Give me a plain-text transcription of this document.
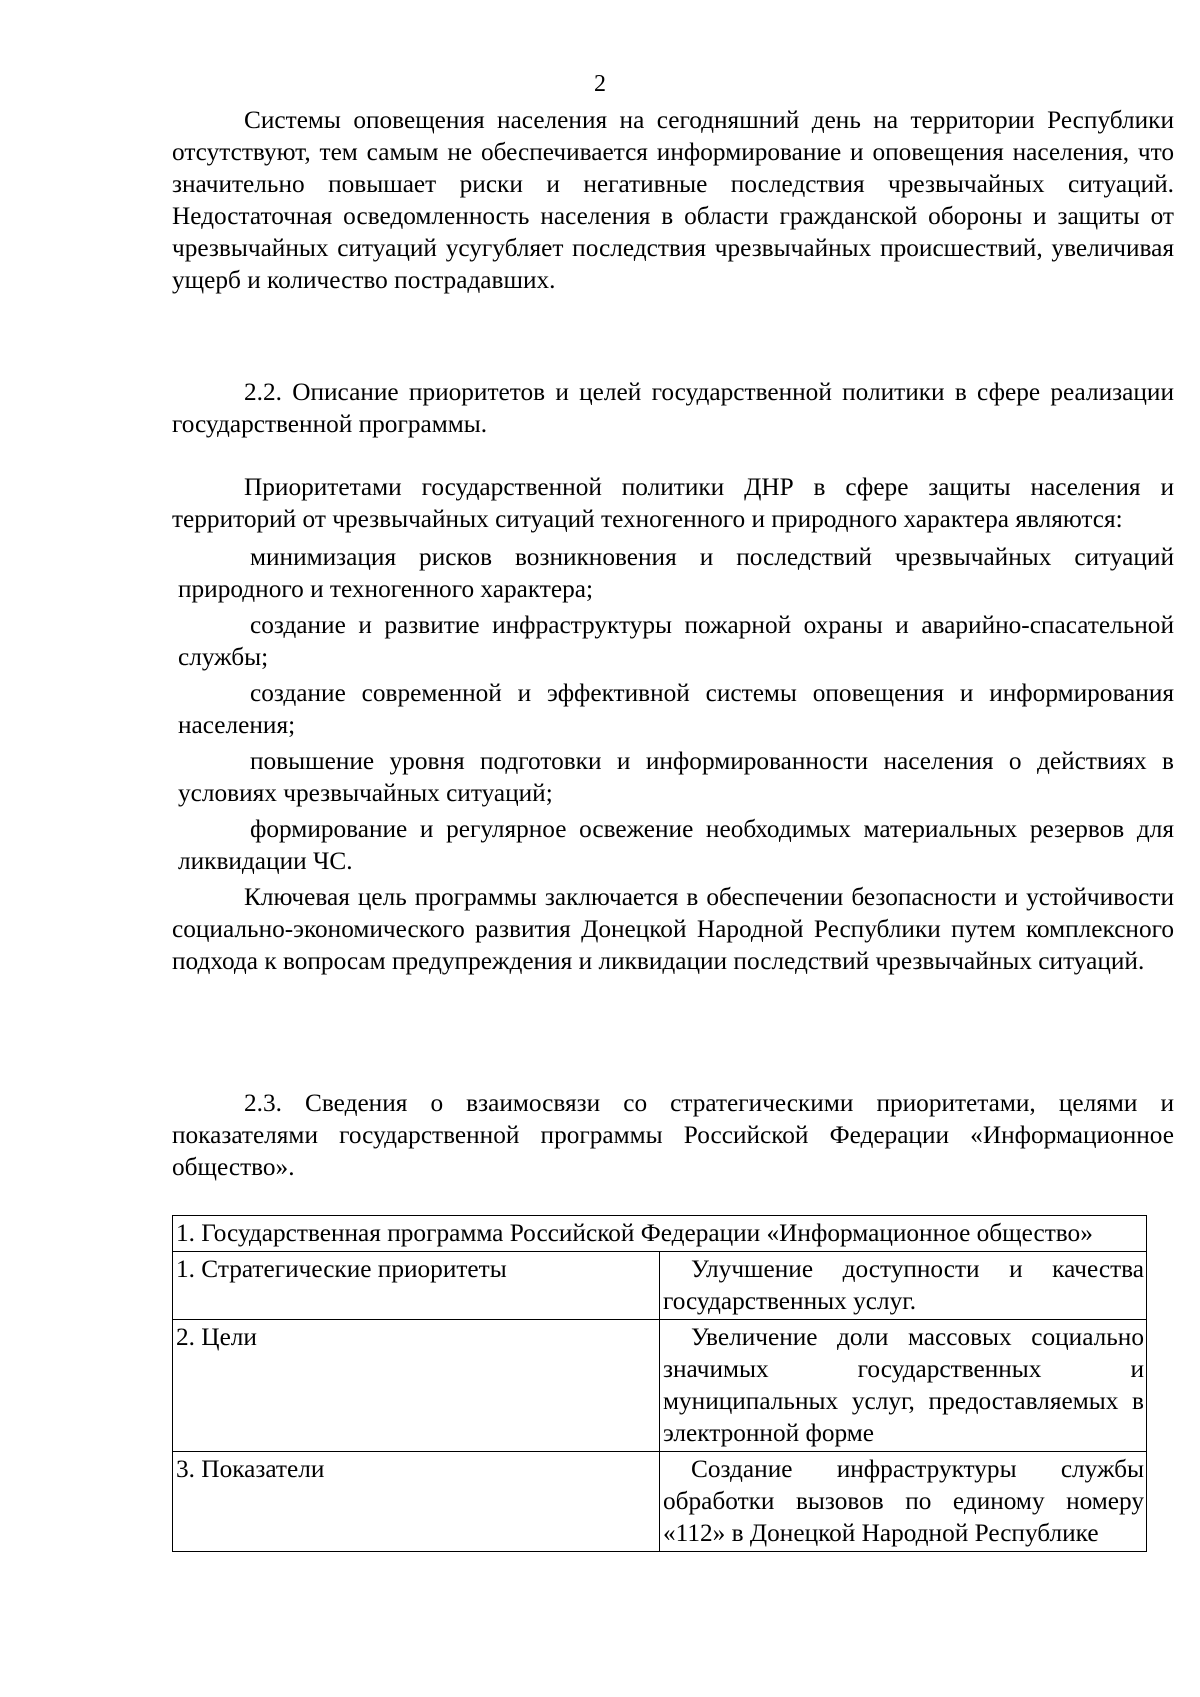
2

Системы оповещения населения на сегодняшний день на территории Республики отсутствуют, тем самым не обеспечивается информирование и оповещения населения, что значительно повышает риски и негативные последствия чрезвычайных ситуаций. Недостаточная осведомленность населения в области гражданской обороны и защиты от чрезвычайных ситуаций усугубляет последствия чрезвычайных происшествий, увеличивая ущерб и количество пострадавших.

2.2. Описание приоритетов и целей государственной политики в сфере реализации государственной программы.

Приоритетами государственной политики ДНР в сфере защиты населения и территорий от чрезвычайных ситуаций техногенного и природного характера являются:

минимизация рисков возникновения и последствий чрезвычайных ситуаций природного и техногенного характера;

создание и развитие инфраструктуры пожарной охраны и аварийно-спасательной службы;

создание современной и эффективной системы оповещения и информирования населения;

повышение уровня подготовки и информированности населения о действиях в условиях чрезвычайных ситуаций;

формирование и регулярное освежение необходимых материальных резервов для ликвидации ЧС.

Ключевая цель программы заключается в обеспечении безопасности и устойчивости социально-экономического развития Донецкой Народной Республики путем комплексного подхода к вопросам предупреждения и ликвидации последствий чрезвычайных ситуаций.

2.3. Сведения о взаимосвязи со стратегическими приоритетами, целями и показателями государственной программы Российской Федерации «Информационное общество».

1. Государственная программа Российской Федерации «Информационное общество»	
1. Стратегические приоритеты	Улучшение доступности и качества государственных услуг.
2. Цели	Увеличение доли массовых социально значимых государственных и муниципальных услуг, предоставляемых в электронной форме
3. Показатели	Создание инфраструктуры службы обработки вызовов по единому номеру «112» в Донецкой Народной Республике
